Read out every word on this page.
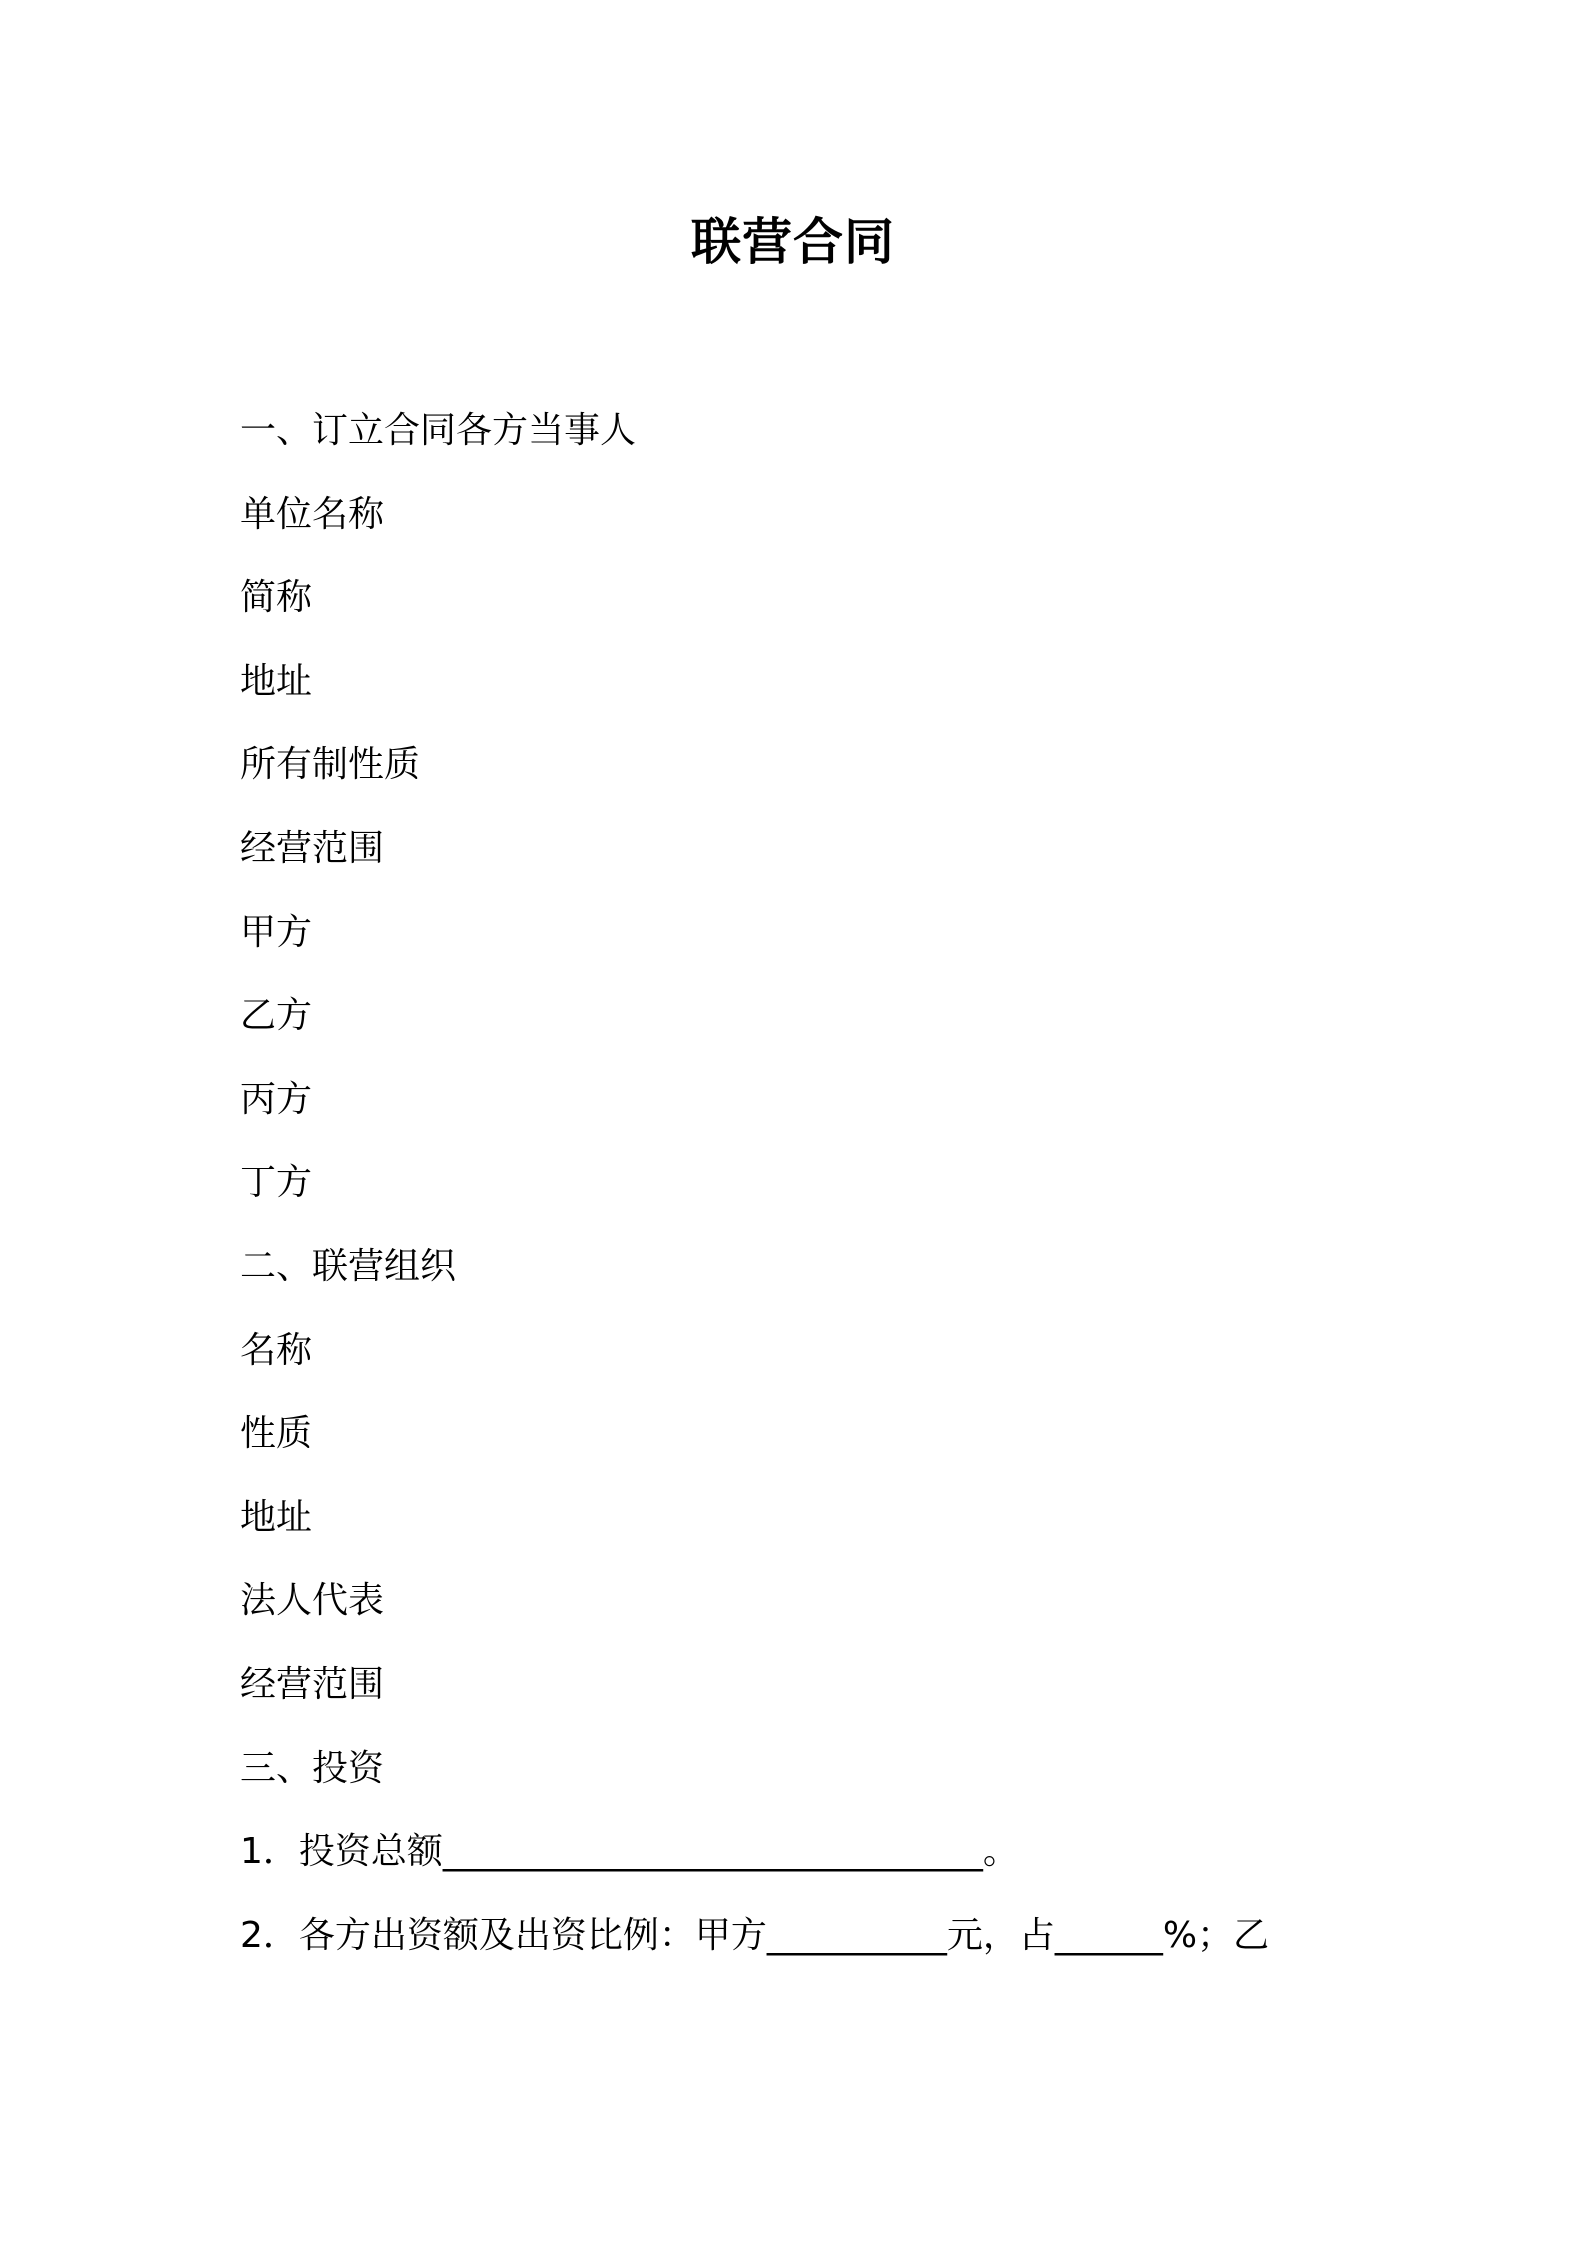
联营合同
一、订立合同各方当事人
单位名称
简称
地址
所有制性质
经营范围
甲方
乙方
丙方
丁方
二、联营组织
名称
性质
地址
法人代表
经营范围
三、投资
1．投资总额______________________________。
2．各方出资额及出资比例：甲方__________元，占______%；乙
